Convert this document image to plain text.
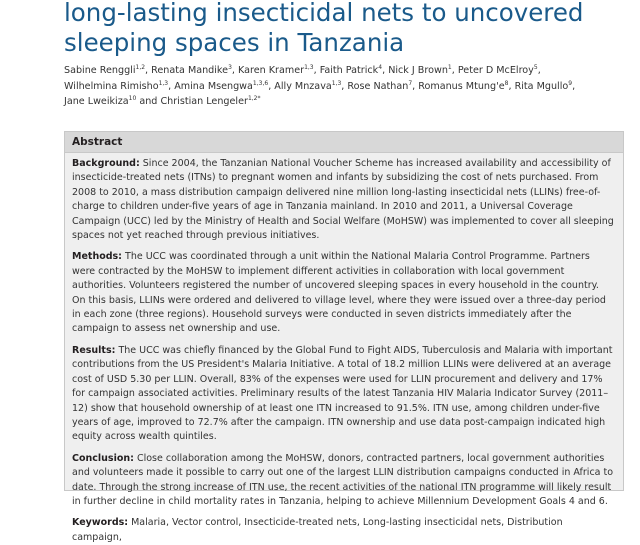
long-lasting insecticidal nets to uncovered
sleeping spaces in Tanzania
Sabine Renggli$^{1,2}$, Renata Mandike$^3$, Karen Kramer$^{1,3}$, Faith Patrick$^4$, Nick J Brown$^1$, Peter D McElroy$^5$,
Wilhelmina Rimisho$^{1,3}$, Amina Msengwa$^{1,3,6}$, Ally Mnzava$^{1,3}$, Rose Nathan$^7$, Romanus $Mtung'e^8$, Rita Mgullo$^9$,
Jane Lweikiza$^{10}$ and Christian Lengeler$^{1,2*}$
Abstract

Background: Since 2004, the Tanzanian National Voucher Scheme has increased availability and accessibility of insecticide-treated nets (ITNs) to pregnant women and infants by subsidizing the cost of nets purchased. From 2008 to 2010, a mass distribution campaign delivered nine million long-lasting insecticidal nets (LLINs) free-of-charge to children under-five years of age in Tanzania mainland. In 2010 and 2011, a Universal Coverage Campaign (UCC) led by the Ministry of Health and Social Welfare (MoHSW) was implemented to cover all sleeping spaces not yet reached through previous initiatives.

Methods: The UCC was coordinated through a unit within the National Malaria Control Programme. Partners were contracted by the MoHSW to implement different activities in collaboration with local government authorities. Volunteers registered the number of uncovered sleeping spaces in every household in the country. On this basis, LLINs were ordered and delivered to village level, where they were issued over a three-day period in each zone (three regions). Household surveys were conducted in seven districts immediately after the campaign to assess net ownership and use.

Results: The UCC was chiefly financed by the Global Fund to Fight AIDS, Tuberculosis and Malaria with important contributions from the US President's Malaria Initiative. A total of 18.2 million LLINs were delivered at an average cost of USD 5.30 per LLIN. Overall, 83% of the expenses were used for LLIN procurement and delivery and 17% for campaign associated activities. Preliminary results of the latest Tanzania HIV Malaria Indicator Survey (2011–12) show that household ownership of at least one ITN increased to 91.5%. ITN use, among children under-five years of age, improved to 72.7% after the campaign. ITN ownership and use data post-campaign indicated high equity across wealth quintiles.

Conclusion: Close collaboration among the MoHSW, donors, contracted partners, local government authorities and volunteers made it possible to carry out one of the largest LLIN distribution campaigns conducted in Africa to date. Through the strong increase of ITN use, the recent activities of the national ITN programme will likely result in further decline in child mortality rates in Tanzania, helping to achieve Millennium Development Goals 4 and 6.

Keywords: Malaria, Vector control, Insecticide-treated nets, Long-lasting insecticidal nets, Distribution campaign,
